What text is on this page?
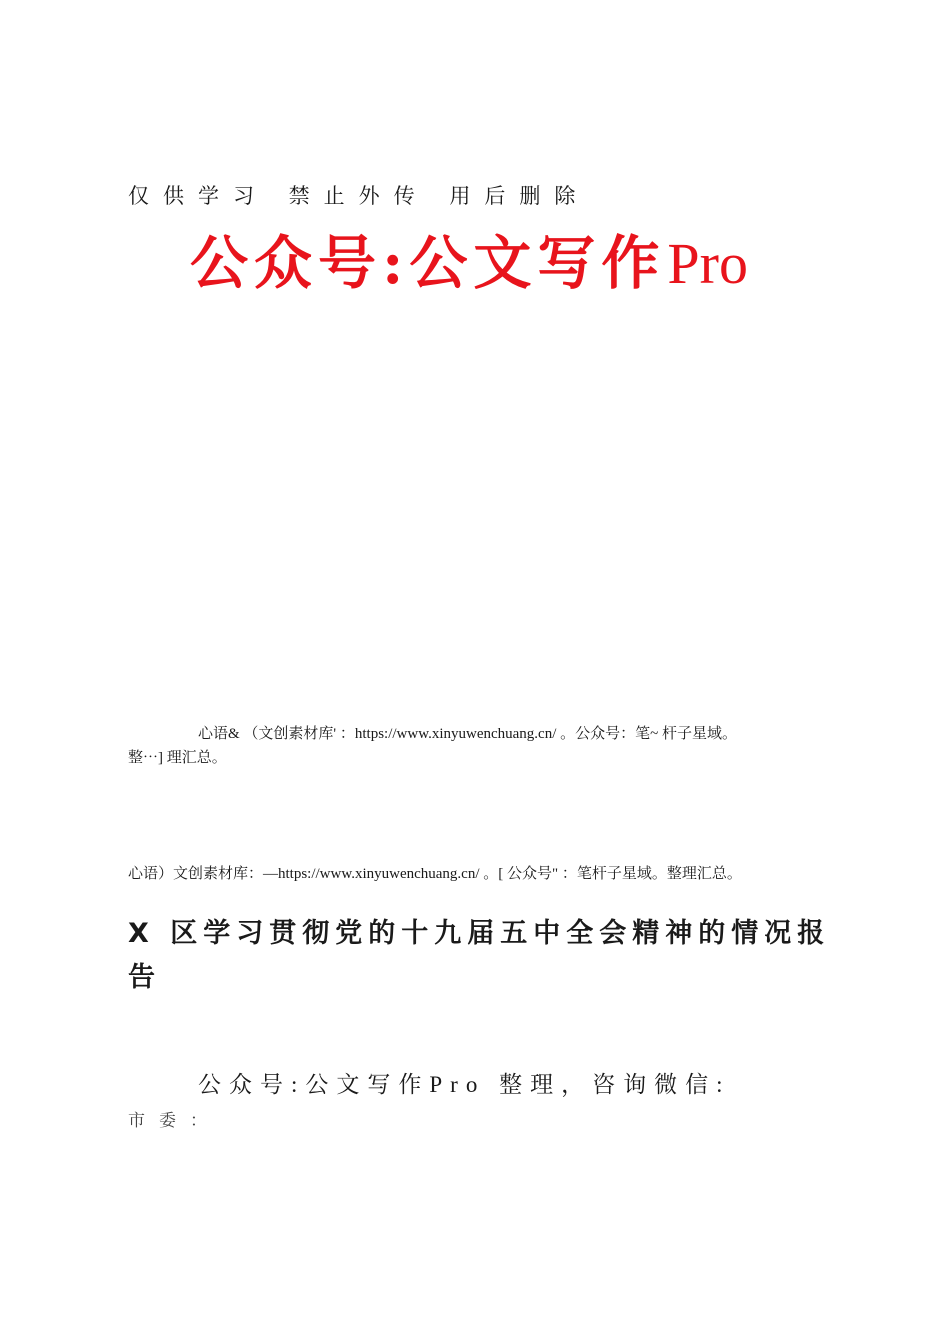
仅供学习 禁止外传 用后删除
公众号:公文写作Pro
心语& （文创素材库' ：https://www.xinyuwenchuang.cn/ 。公众号：笔~ 杆子星域。
整⋯] 理汇总。
心语）文创素材库：—https://www.xinyuwenchuang.cn/ 。[ 公众号" ：笔杆子星域。整理汇总。
X 区学习贯彻党的十九届五中全会精神的情况报告
公众号:公文写作Pro 整理，咨询微信:
市委：
